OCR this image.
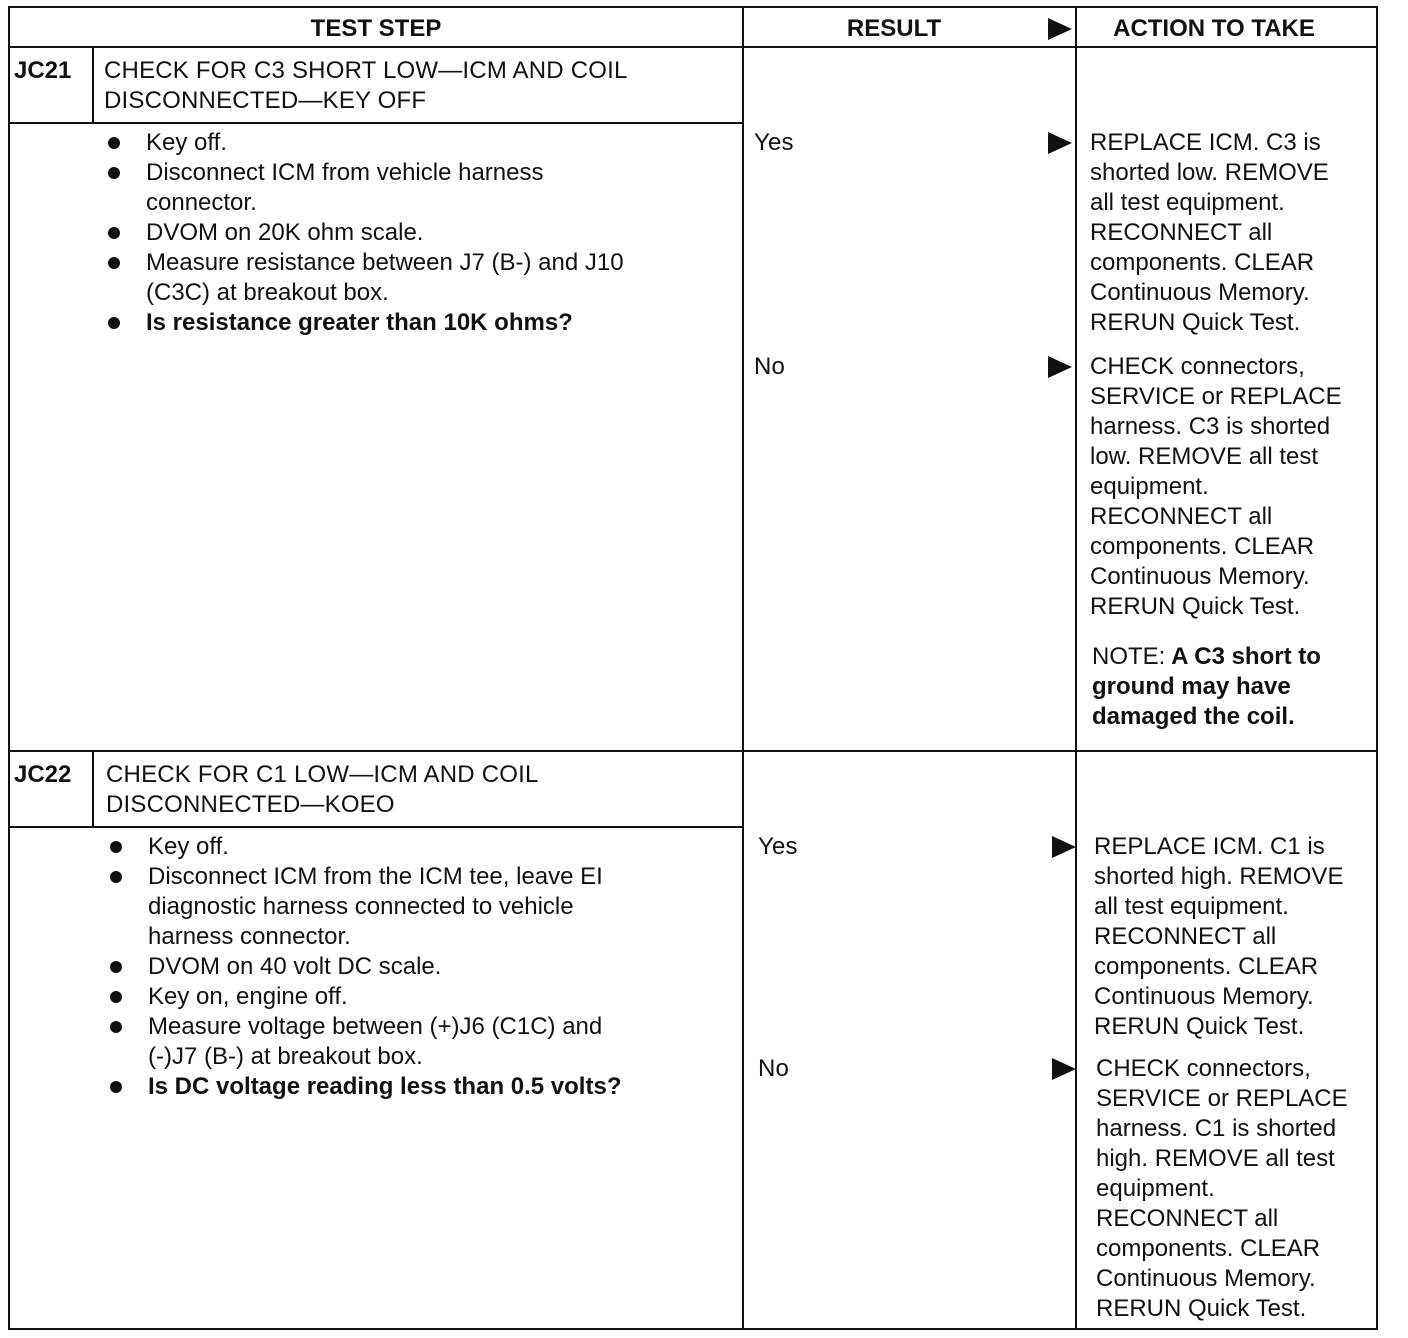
TEST STEP	RESULT	ACTION TO TAKE
JC21 CHECK FOR C3 SHORT LOW—ICM AND COIL
DISCONNECTED—KEY OFF
Key off.
Disconnect ICM from vehicle harness
connector.
DVOM on 20K ohm scale.
Measure resistance between J7 (B-) and J10
(C3C) at breakout box.
Is resistance greater than 10K ohms?
Yes	REPLACE ICM. C3 is
shorted low. REMOVE
all test equipment.
RECONNECT all
components. CLEAR
Continuous Memory.
RERUN Quick Test.
No	CHECK connectors,
SERVICE or REPLACE
harness. C3 is shorted
low. REMOVE all test
equipment.
RECONNECT all
components. CLEAR
Continuous Memory.
RERUN Quick Test.
NOTE: A C3 short to
ground may have
damaged the coil.
JC22 CHECK FOR C1 LOW—ICM AND COIL
DISCONNECTED—KOEO
Key off.
Disconnect ICM from the ICM tee, leave EI
diagnostic harness connected to vehicle
harness connector.
DVOM on 40 volt DC scale.
Key on, engine off.
Measure voltage between (+)J6 (C1C) and
(-)J7 (B-) at breakout box.
Is DC voltage reading less than 0.5 volts?
Yes	REPLACE ICM. C1 is
shorted high. REMOVE
all test equipment.
RECONNECT all
components. CLEAR
Continuous Memory.
RERUN Quick Test.
No	CHECK connectors,
SERVICE or REPLACE
harness. C1 is shorted
high. REMOVE all test
equipment.
RECONNECT all
components. CLEAR
Continuous Memory.
RERUN Quick Test.
